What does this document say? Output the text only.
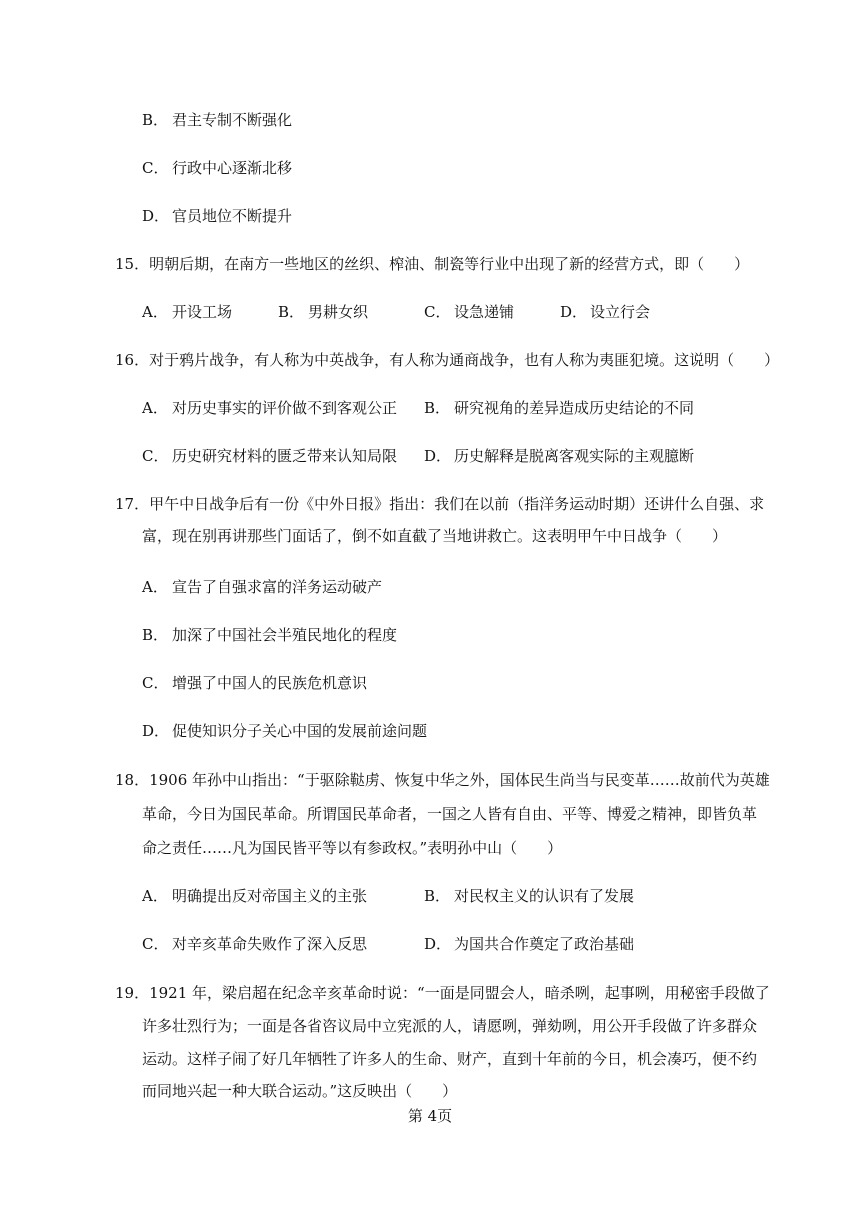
B． 君主专制不断强化
C． 行政中心逐渐北移
D． 官员地位不断提升
15．明朝后期，在南方一些地区的丝织、榨油、制瓷等行业中出现了新的经营方式，即（　　）
A． 开设工场	B． 男耕女织	C． 设急递铺	D． 设立行会
16．对于鸦片战争，有人称为中英战争，有人称为通商战争，也有人称为夷匪犯境。这说明（　　）
A． 对历史事实的评价做不到客观公正 B． 研究视角的差异造成历史结论的不同
C． 历史研究材料的匮乏带来认知局限 D． 历史解释是脱离客观实际的主观臆断
17．甲午中日战争后有一份《中外日报》指出：我们在以前（指洋务运动时期）还讲什么自强、求
富，现在别再讲那些门面话了，倒不如直截了当地讲救亡。这表明甲午中日战争（　　）
A． 宣告了自强求富的洋务运动破产
B． 加深了中国社会半殖民地化的程度
C． 增强了中国人的民族危机意识
D． 促使知识分子关心中国的发展前途问题
18．1906 年孙中山指出：“于驱除鞑虏、恢复中华之外，国体民生尚当与民变革……故前代为英雄
革命，今日为国民革命。所谓国民革命者，一国之人皆有自由、平等、博爱之精神，即皆负革
命之责任……凡为国民皆平等以有参政权。”表明孙中山（　　）
A． 明确提出反对帝国主义的主张	B． 对民权主义的认识有了发展
C． 对辛亥革命失败作了深入反思	D． 为国共合作奠定了政治基础
19．1921 年，梁启超在纪念辛亥革命时说：“一面是同盟会人，暗杀咧，起事咧，用秘密手段做了
许多壮烈行为；一面是各省咨议局中立宪派的人，请愿咧，弹劾咧，用公开手段做了许多群众
运动。这样子闹了好几年牺牲了许多人的生命、财产，直到十年前的今日，机会凑巧，便不约
而同地兴起一种大联合运动。”这反映出（　　）
第 4页
